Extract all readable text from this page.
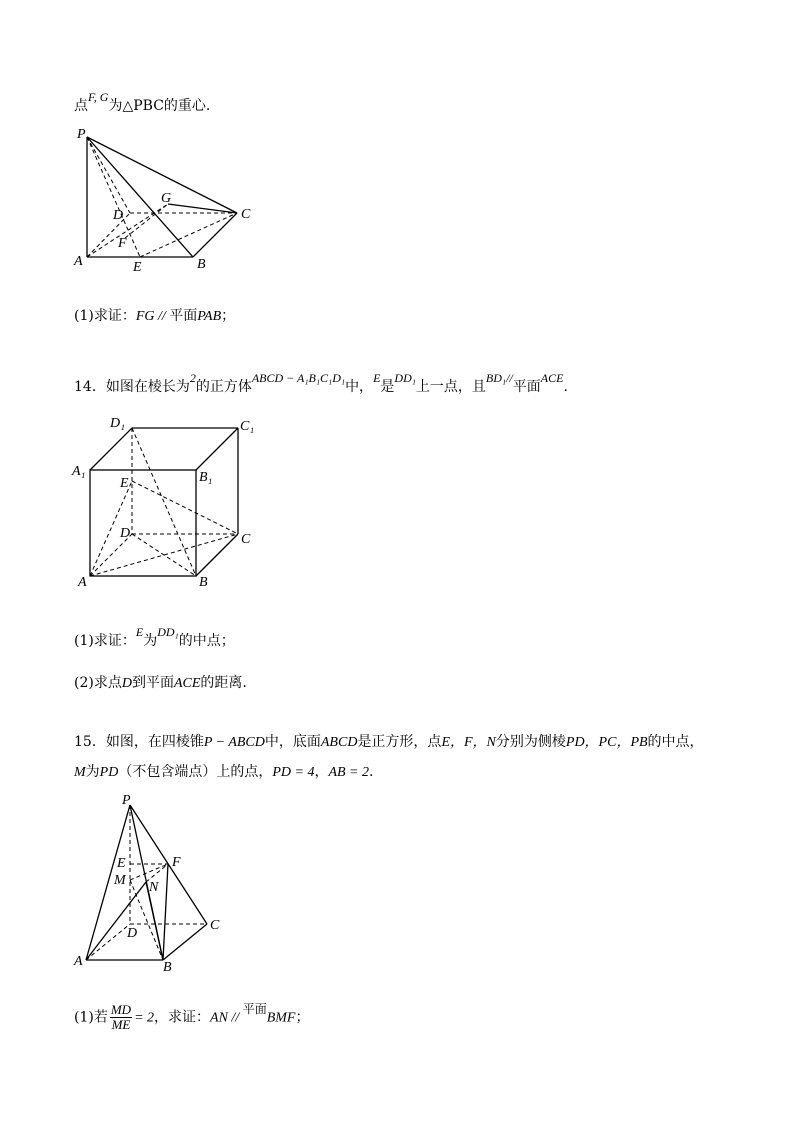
点F, G为△PBC的重心.
P
G
D	C
F
A	E	B
(1)求证：FG // 平面PAB；
14．如图在棱长为2的正方体ABCD − A₁B₁C₁D₁中，E是DD₁上一点，且BD₁//平面ACE.
D₁	C₁
A₁	B₁
E
D	C
A	B
(1)求证：E为DD₁的中点；
(2)求点D到平面ACE的距离.
15．如图，在四棱锥P − ABCD中，底面ABCD是正方形，点E，F，N分别为侧棱PD，PC，PB的中点，
M为PD（不包含端点）上的点，PD = 4，AB = 2.
P
E	F
M N
C
D
A	B
(1)若 $\frac{MD}{ME} = 2$，求证：AN // 平面BMF；
